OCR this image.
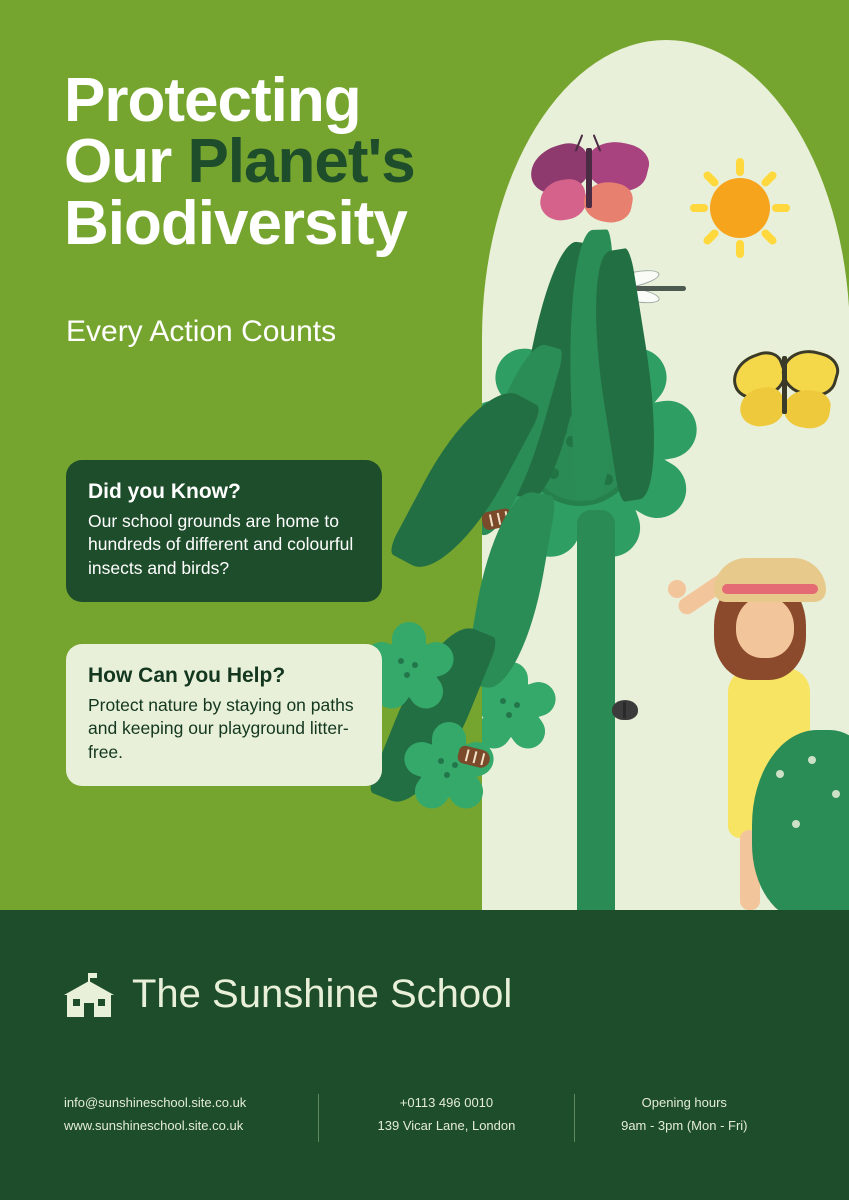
Protecting
Our Planet's
Biodiversity
Every Action Counts
Did you Know?

Our school grounds are home to hundreds of different and colourful insects and birds?

How Can you Help?

Protect nature by staying on paths and keeping our playground litter-free.

The Sunshine School
info@sunshineschool.site.co.uk
www.sunshineschool.site.co.uk
+0113 496 0010
139 Vicar Lane, London
Opening hours
9am - 3pm (Mon - Fri)
